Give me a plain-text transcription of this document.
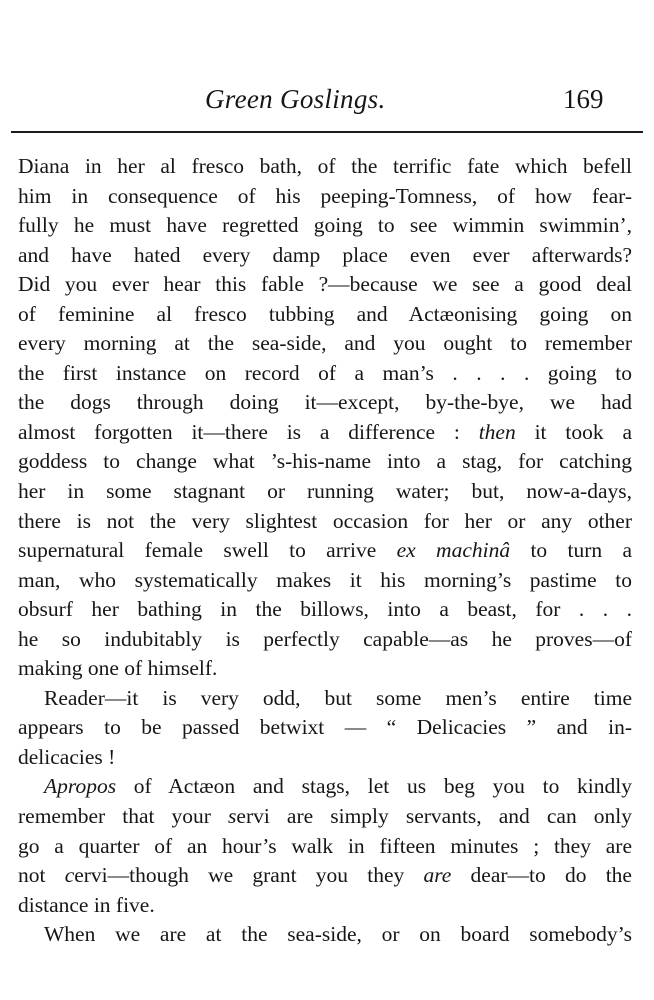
Green Goslings.	169
Diana in her al fresco bath, of the terrific fate which befell
him in consequence of his peeping-Tomness, of how fear-
fully he must have regretted going to see wimmin swimmin’,
and have hated every damp place even ever afterwards?
Did you ever hear this fable ?—because we see a good deal
of feminine al fresco tubbing and Actæonising going on
every morning at the sea-side, and you ought to remember
the first instance on record of a man’s . . . . going to
the dogs through doing it—except, by-the-bye, we had
almost forgotten it—there is a difference : then it took a
goddess to change what ’s-his-name into a stag, for catching
her in some stagnant or running water; but, now-a-days,
there is not the very slightest occasion for her or any other
supernatural female swell to arrive ex machinâ to turn a
man, who systematically makes it his morning’s pastime to
obsurf her bathing in the billows, into a beast, for . . .
he so indubitably is perfectly capable—as he proves—of
making one of himself.
Reader—it is very odd, but some men’s entire time
appears to be passed betwixt — “ Delicacies ” and in-
delicacies !
Apropos of Actæon and stags, let us beg you to kindly
remember that your servi are simply servants, and can only
go a quarter of an hour’s walk in fifteen minutes ; they are
not cervi—though we grant you they are dear—to do the
distance in five.
When we are at the sea-side, or on board somebody’s
